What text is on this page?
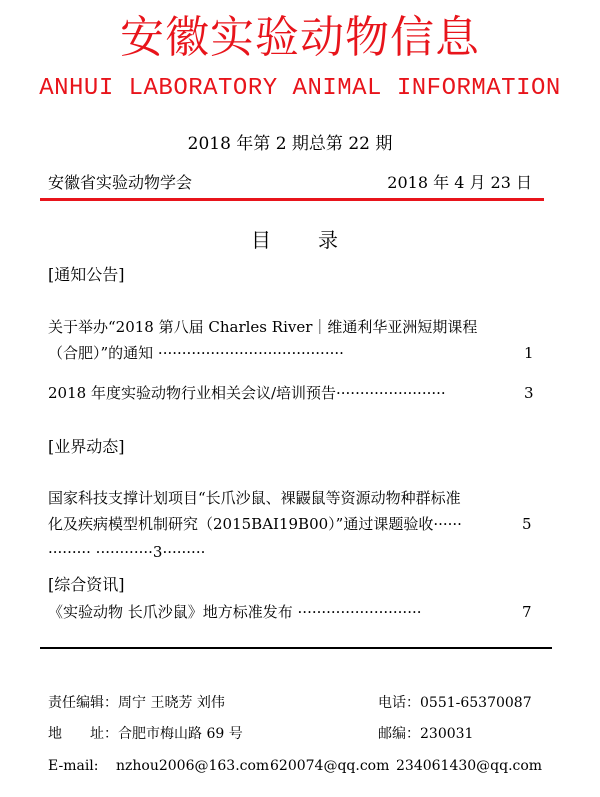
安徽实验动物信息
ANHUI LABORATORY ANIMAL INFORMATION
2018 年第 2 期总第 22 期
安徽省实验动物学会	2018 年 4 月 23 日
目 录
[通知公告]
关于举办“2018 第八届 Charles River｜维通利华亚洲短期课程
（合肥）”的通知 ·······································	1
2018 年度实验动物行业相关会议/培训预告·······················	3
[业界动态]
国家科技支撑计划项目“长爪沙鼠、裸鼹鼠等资源动物种群标准
化及疾病模型机制研究（2015BAI19B00）”通过课题验收······	5
········· ············3·········
[综合资讯]
《实验动物 长爪沙鼠》地方标准发布 ··························	7
责任编辑：周宁 王晓芳 刘伟	电话：0551-65370087
地　　址：合肥市梅山路 69 号	邮编：230031
E-mail: nzhou2006@163.com 620074@qq.com 234061430@qq.com
